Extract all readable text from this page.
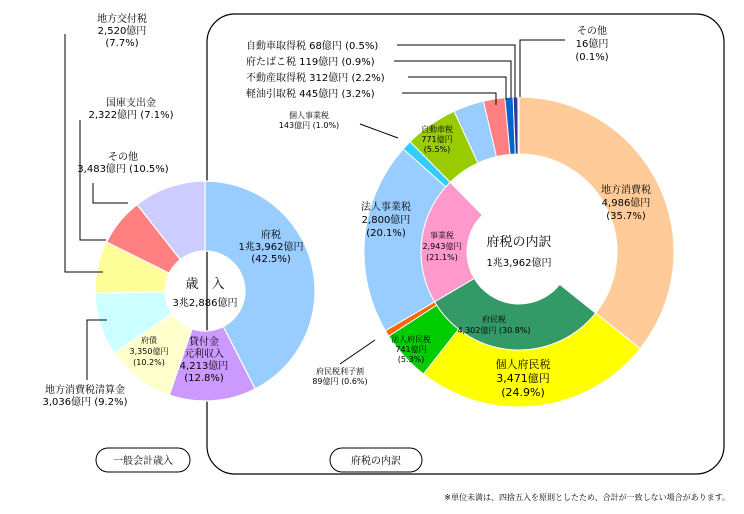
府税 1兆3,962億円(42.5%)
貸付金元利収入 4,213億円(12.8%)
府債 3,350億円(10.2%)
地方消費税清算金 3,036億円 (9.2%)
地方交付税 2,520億円(7.7%)
国庫支出金 2,322億円 (7.1%)
その他 3,483億円 (10.5%)
地方消費税 4,986億円(35.7%)
個人府民税 3,471億円(24.9%)
法人府民税 741億円(5.3%)
府民税利子割 89億円 (0.6%)
法人事業税 2,800億円(20.1%)
個人事業税 143億円 (1.0%)	自動車税 771億円(5.5%)
軽油引取税 445億円 (3.2%)
不動産取得税 312億円 (2.2%)
府たばこ税 119億円 (0.9%)
自動車取得税 68億円 (0.5%)
その他 16億円(0.1%)
府民税 4,302億円 (30.8%)
事業税 2,943億円(21.1%)
歳　入
3兆2,886億円
府税の内訳
1兆3,962億円
一般会計歳入	府税の内訳
※単位未満は、四捨五入を原則としたため、合計が一致しない場合があります。
